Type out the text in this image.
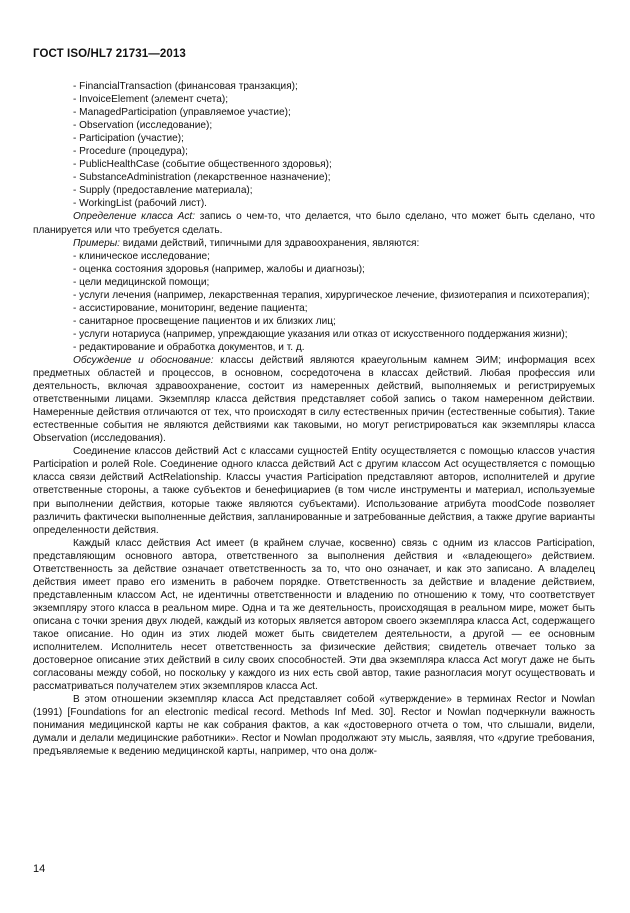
ГОСТ ISO/HL7 21731—2013

- FinancialTransaction (финансовая транзакция);

- InvoiceElement (элемент счета);

- ManagedParticipation (управляемое участие);

- Observation (исследование);

- Participation (участие);

- Procedure (процедура);

- PublicHealthCase (событие общественного здоровья);

- SubstanceAdministration (лекарственное назначение);

- Supply (предоставление материала);

- WorkingList (рабочий лист).

Определение класса Act: запись о чем-то, что делается, что было сделано, что может быть сделано, что планируется или что требуется сделать.

Примеры: видами действий, типичными для здравоохранения, являются:

- клиническое исследование;

- оценка состояния здоровья (например, жалобы и диагнозы);

- цели медицинской помощи;

- услуги лечения (например, лекарственная терапия, хирургическое лечение, физиотерапия и психотерапия);

- ассистирование, мониторинг, ведение пациента;

- санитарное просвещение пациентов и их близких лиц;

- услуги нотариуса (например, упреждающие указания или отказ от искусственного поддержания жизни);

- редактирование и обработка документов, и т. д.

Обсуждение и обоснование: классы действий являются краеугольным камнем ЭИМ; информация всех предметных областей и процессов, в основном, сосредоточена в классах действий. Любая профессия или деятельность, включая здравоохранение, состоит из намеренных действий, выполняемых и регистрируемых ответственными лицами. Экземпляр класса действия представляет собой запись о таком намеренном действии. Намеренные действия отличаются от тех, что происходят в силу естественных причин (естественные события). Такие естественные события не являются действиями как таковыми, но могут регистрироваться как экземпляры класса Observation (исследования).

Соединение классов действий Act с классами сущностей Entity осуществляется с помощью классов участия Participation и ролей Role. Соединение одного класса действий Act с другим классом Act осуществляется с помощью класса связи действий ActRelationship. Классы участия Participation представляют авторов, исполнителей и другие ответственные стороны, а также субъектов и бенефициариев (в том числе инструменты и материал, используемые при выполнении действия, которые также являются субъектами). Использование атрибута moodCode позволяет различить фактически выполненные действия, запланированные и затребованные действия, а также другие варианты определенности действия.

Каждый класс действия Act имеет (в крайнем случае, косвенно) связь с одним из классов Participation, представляющим основного автора, ответственного за выполнения действия и «владеющего» действием. Ответственность за действие означает ответственность за то, что оно означает, и как это записано. А владелец действия имеет право его изменить в рабочем порядке. Ответственность за действие и владение действием, представленным классом Act, не идентичны ответственности и владению по отношению к тому, что соответствует экземпляру этого класса в реальном мире. Одна и та же деятельность, происходящая в реальном мире, может быть описана с точки зрения двух людей, каждый из которых является автором своего экземпляра класса Act, содержащего такое описание. Но один из этих людей может быть свидетелем деятельности, а другой — ее основным исполнителем. Исполнитель несет ответственность за физические действия; свидетель отвечает только за достоверное описание этих действий в силу своих способностей. Эти два экземпляра класса Act могут даже не быть согласованы между собой, но поскольку у каждого из них есть свой автор, такие разногласия могут осуществовать и рассматриваться получателем этих экземпляров класса Act.

В этом отношении экземпляр класса Act представляет собой «утверждение» в терминах Rector и Nowlan (1991) [Foundations for an electronic medical record. Methods Inf Med. 30]. Rector и Nowlan подчеркнули важность понимания медицинской карты не как собрания фактов, а как «достоверного отчета о том, что слышали, видели, думали и делали медицинские работники». Rector и Nowlan продолжают эту мысль, заявляя, что «другие требования, предъявляемые к ведению медицинской карты, например, что она долж-

14
